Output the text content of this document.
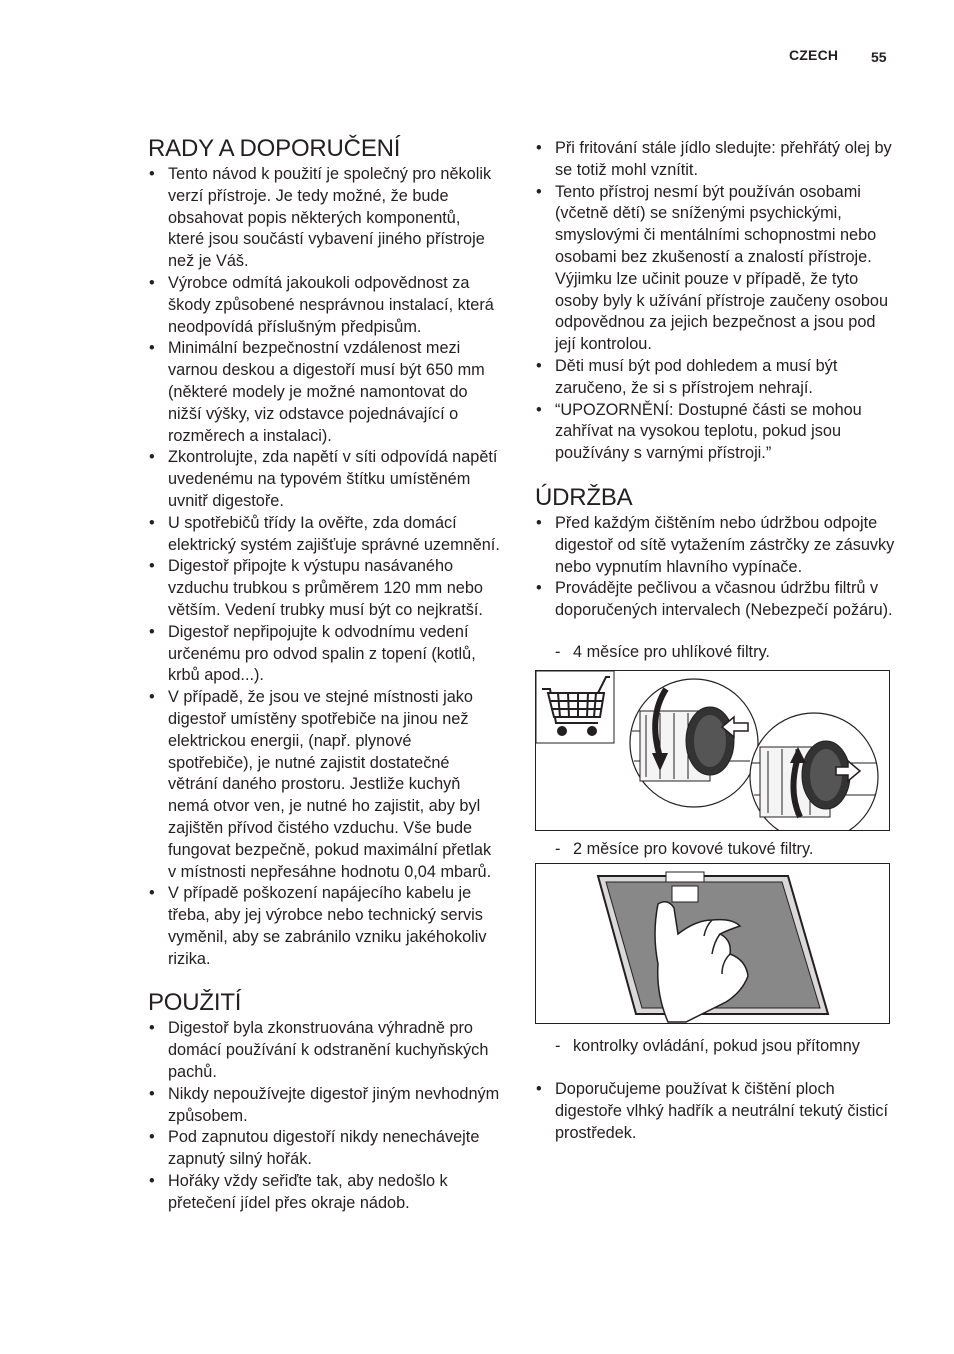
CZECH 55
RADY A DOPORUČENÍ
• Tento návod k použití je společný pro několik verzí přístroje. Je tedy možné, že bude obsahovat popis některých komponentů, které jsou součástí vybavení jiného přístroje než je Váš.
• Výrobce odmítá jakoukoli odpovědnost za škody způsobené nesprávnou instalací, která neodpovídá příslušným předpisům.
• Minimální bezpečnostní vzdálenost mezi varnou deskou a digestoří musí být 650 mm (některé modely je možné namontovat do nižší výšky, viz odstavce pojednávající o rozměrech a instalaci).
• Zkontrolujte, zda napětí v síti odpovídá napětí uvedenému na typovém štítku umístěném uvnitř digestoře.
• U spotřebičů třídy Ia ověřte, zda domácí elektrický systém zajišťuje správné uzemnění.
• Digestoř připojte k výstupu nasávaného vzduchu trubkou s průměrem 120 mm nebo větším. Vedení trubky musí být co nejkratší.
• Digestoř nepřipojujte k odvodnímu vedení určenému pro odvod spalin z topení (kotlů, krbů apod...).
• V případě, že jsou ve stejné místnosti jako digestoř umístěny spotřebiče na jinou než elektrickou energii, (např. plynové spotřebiče), je nutné zajistit dostatečné větrání daného prostoru. Jestliže kuchyň nemá otvor ven, je nutné ho zajistit, aby byl zajištěn přívod čistého vzduchu. Vše bude fungovat bezpečně, pokud maximální přetlak v místnosti nepřesáhne hodnotu 0,04 mbarů.
• V případě poškození napájecího kabelu je třeba, aby jej výrobce nebo technický servis vyměnil, aby se zabránilo vzniku jakéhokoliv rizika.
POUŽITÍ
• Digestoř byla zkonstruována výhradně pro domácí používání k odstranění kuchyňských pachů.
• Nikdy nepoužívejte digestoř jiným nevhodným způsobem.
• Pod zapnutou digestoří nikdy nenechávejte zapnutý silný hořák.
• Hořáky vždy seřiďte tak, aby nedošlo k přetečení jídel přes okraje nádob.
• Při fritování stále jídlo sledujte: přehřátý olej by se totiž mohl vznítit.
• Tento přístroj nesmí být používán osobami (včetně dětí) se sníženými psychickými, smyslovými či mentálními schopnostmi nebo osobami bez zkušeností a znalostí přístroje. Výjimku lze učinit pouze v případě, že tyto osoby byly k užívání přístroje zaučeny osobou odpovědnou za jejich bezpečnost a jsou pod její kontrolou.
• Děti musí být pod dohledem a musí být zaručeno, že si s přístrojem nehrají.
• “UPOZORNĚNÍ: Dostupné části se mohou zahřívat na vysokou teplotu, pokud jsou používány s varnými přístroji.”
ÚDRŽBA
• Před každým čištěním nebo údržbou odpojte digestoř od sítě vytažením zástrčky ze zásuvky nebo vypnutím hlavního vypínače.
• Provádějte pečlivou a včasnou údržbu filtrů v doporučených intervalech (Nebezpečí požáru).
- 4 měsíce pro uhlíkové filtry.
- 2 měsíce pro kovové tukové filtry.
- kontrolky ovládání, pokud jsou přítomny
• Doporučujeme používat k čištění ploch digestoře vlhký hadřík a neutrální tekutý čisticí prostředek.
